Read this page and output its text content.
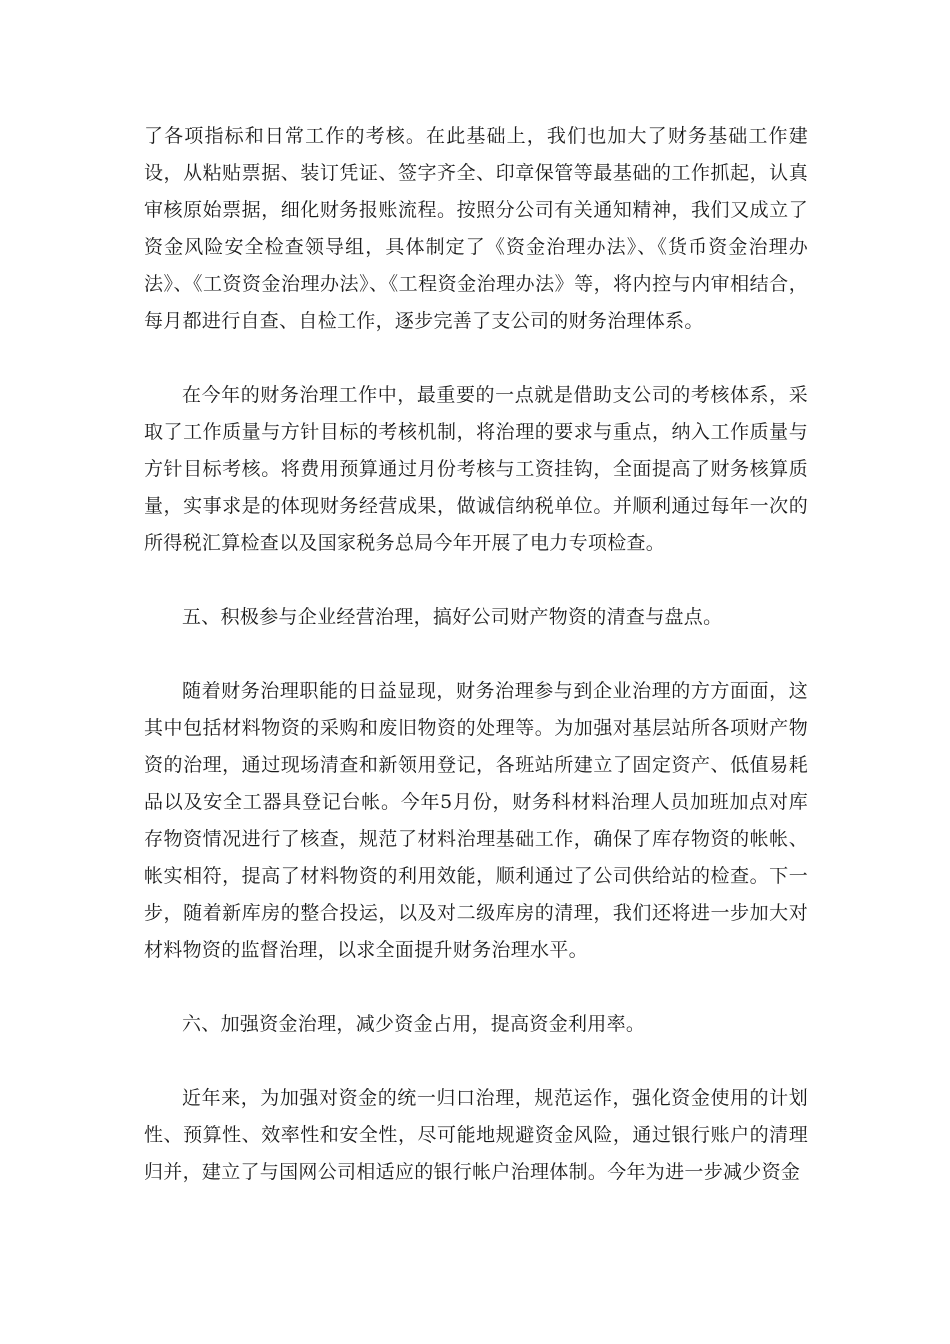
了各项指标和日常工作的考核。在此基础上，我们也加大了财务基础工作建设，从粘贴票据、装订凭证、签字齐全、印章保管等最基础的工作抓起，认真审核原始票据，细化财务报账流程。按照分公司有关通知精神，我们又成立了资金风险安全检查领导组，具体制定了《资金治理办法》、《货币资金治理办法》、《工资资金治理办法》、《工程资金治理办法》等，将内控与内审相结合，每月都进行自查、自检工作，逐步完善了支公司的财务治理体系。

在今年的财务治理工作中，最重要的一点就是借助支公司的考核体系，采取了工作质量与方针目标的考核机制，将治理的要求与重点，纳入工作质量与方针目标考核。将费用预算通过月份考核与工资挂钩，全面提高了财务核算质量，实事求是的体现财务经营成果，做诚信纳税单位。并顺利通过每年一次的所得税汇算检查以及国家税务总局今年开展了电力专项检查。

五、积极参与企业经营治理，搞好公司财产物资的清查与盘点。

随着财务治理职能的日益显现，财务治理参与到企业治理的方方面面，这其中包括材料物资的采购和废旧物资的处理等。为加强对基层站所各项财产物资的治理，通过现场清查和新领用登记，各班站所建立了固定资产、低值易耗品以及安全工器具登记台帐。今年5月份，财务科材料治理人员加班加点对库存物资情况进行了核查，规范了材料治理基础工作，确保了库存物资的帐帐、帐实相符，提高了材料物资的利用效能，顺利通过了公司供给站的检查。下一步，随着新库房的整合投运，以及对二级库房的清理，我们还将进一步加大对材料物资的监督治理，以求全面提升财务治理水平。

六、加强资金治理，减少资金占用，提高资金利用率。

近年来，为加强对资金的统一归口治理，规范运作，强化资金使用的计划性、预算性、效率性和安全性，尽可能地规避资金风险，通过银行账户的清理归并，建立了与国网公司相适应的银行帐户治理体制。今年为进一步减少资金
